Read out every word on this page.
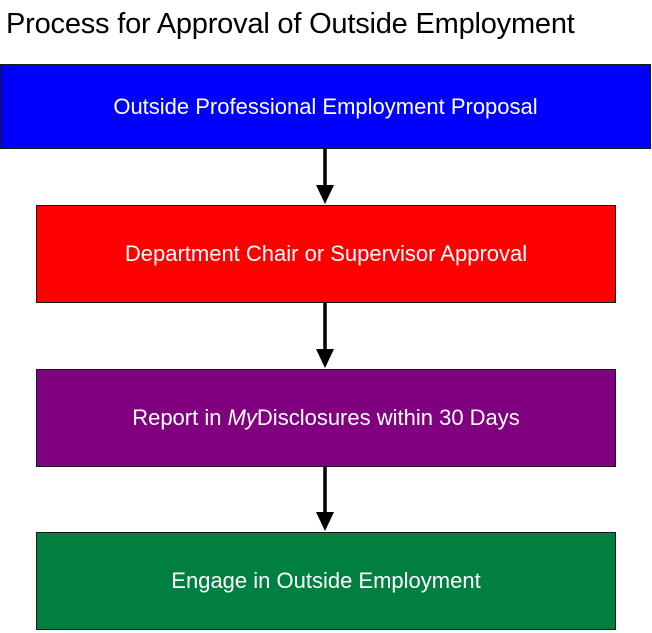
Process for Approval of Outside Employment
Outside Professional Employment Proposal
Department Chair or Supervisor Approval
Report in MyDisclosures within 30 Days
Engage in Outside Employment
